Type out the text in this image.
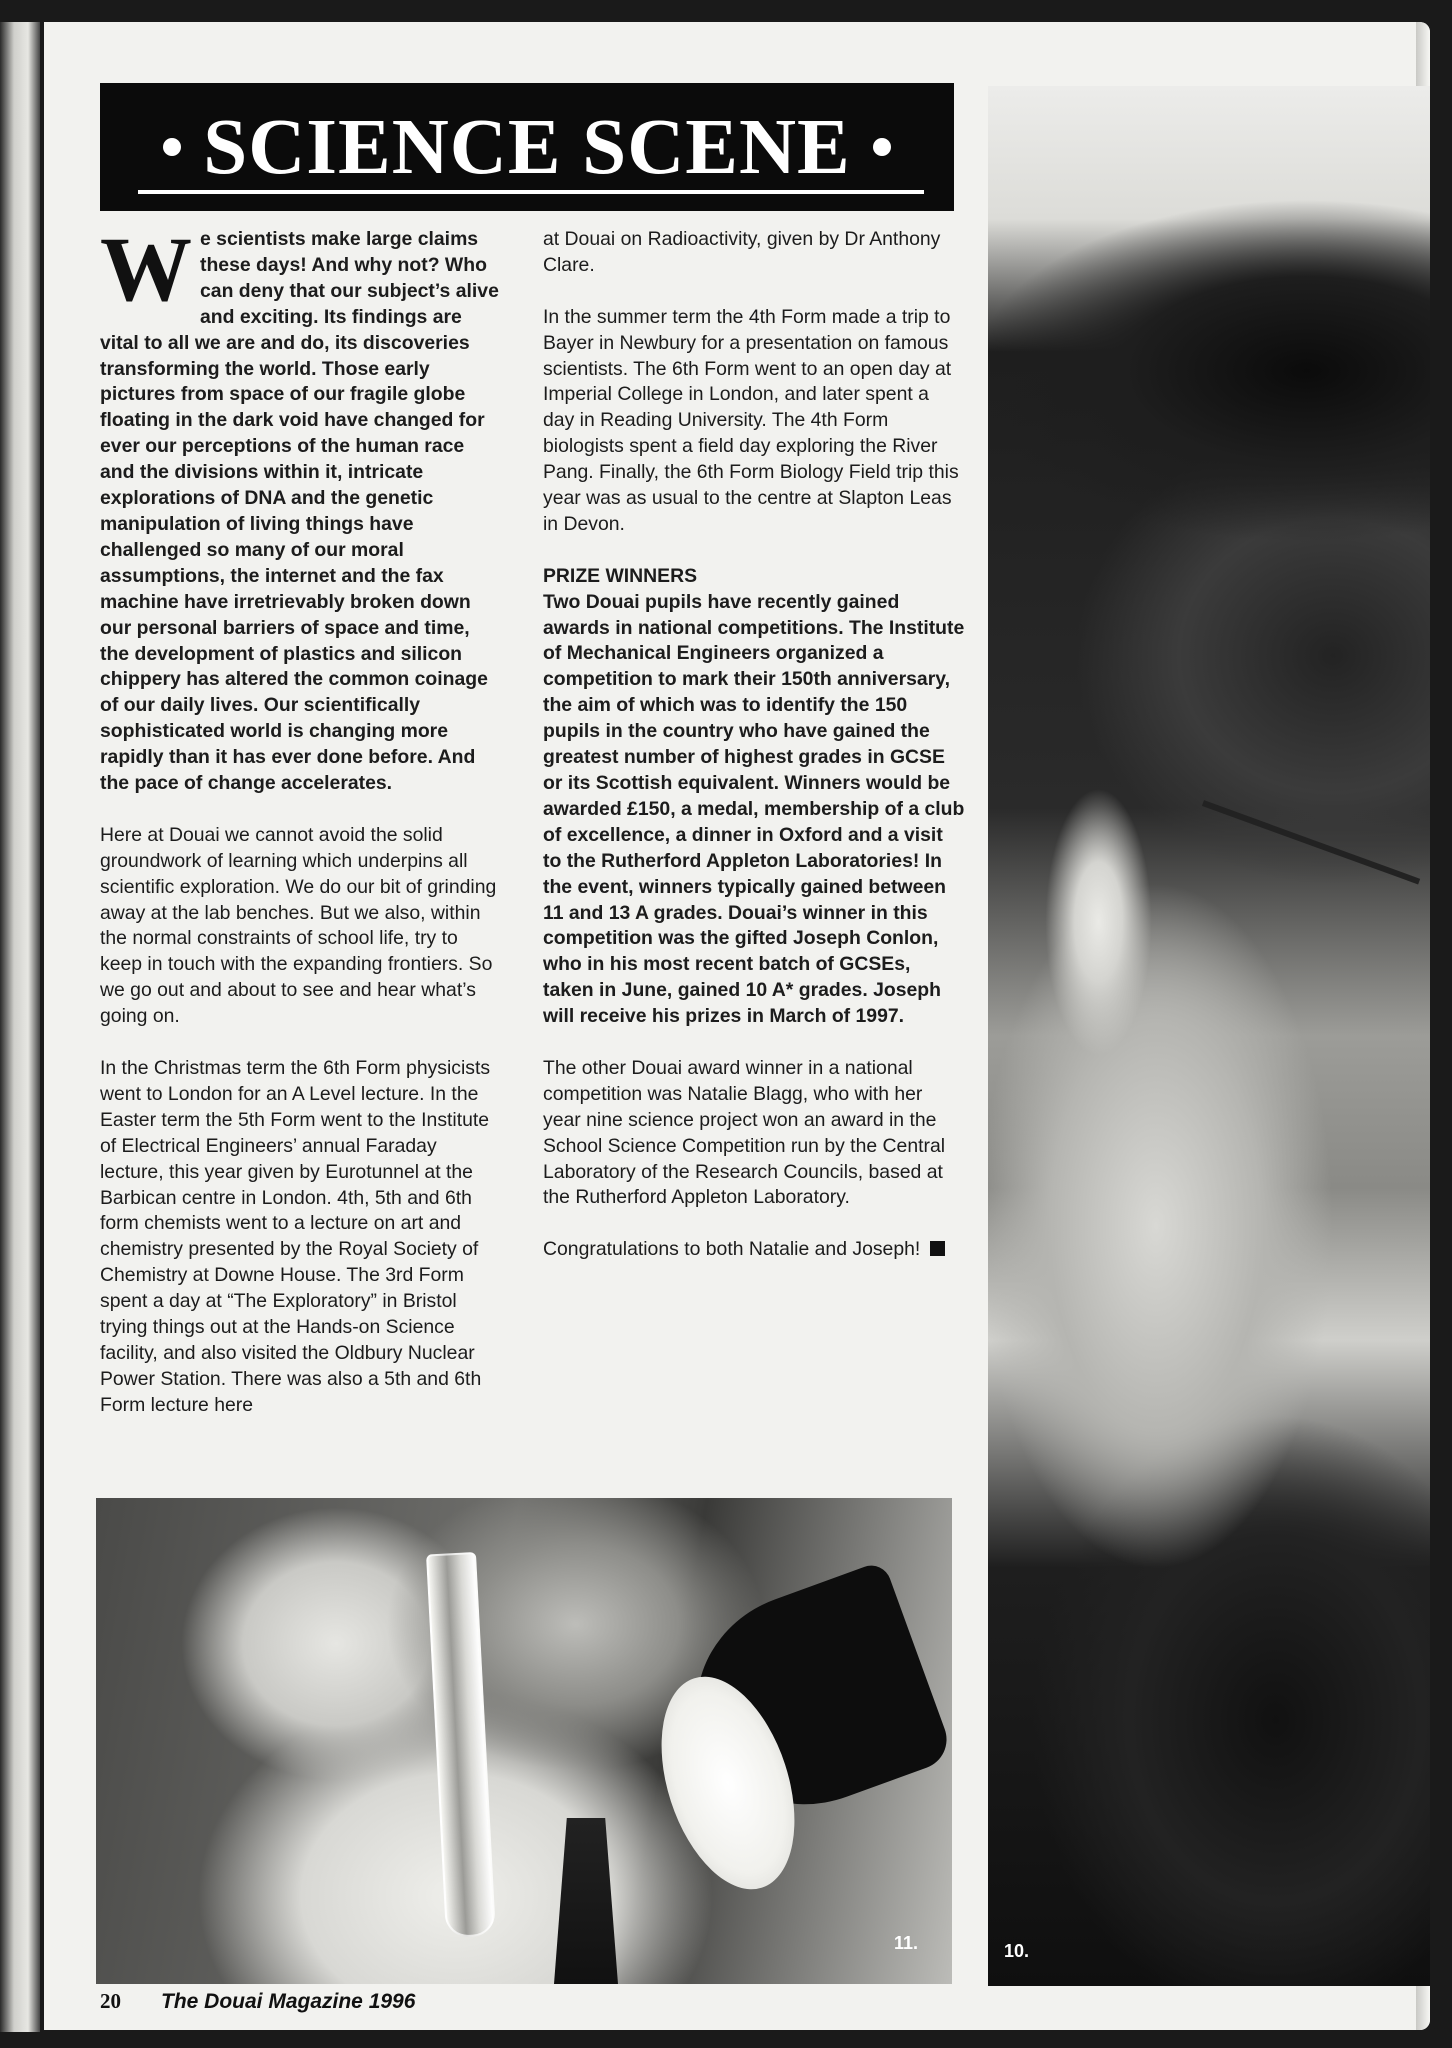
SCIENCE SCENE

We scientists make large claims these days! And why not? Who can deny that our subject’s alive and exciting. Its findings are vital to all we are and do, its discoveries transforming the world. Those early pictures from space of our fragile globe floating in the dark void have changed for ever our perceptions of the human race and the divisions within it, intricate explorations of DNA and the genetic manipulation of living things have challenged so many of our moral assumptions, the internet and the fax machine have irretrievably broken down our personal barriers of space and time, the development of plastics and silicon chippery has altered the common coinage of our daily lives. Our scientifically sophisticated world is changing more rapidly than it has ever done before. And the pace of change accelerates.

Here at Douai we cannot avoid the solid groundwork of learning which underpins all scientific exploration. We do our bit of grinding away at the lab benches. But we also, within the normal constraints of school life, try to keep in touch with the expanding frontiers. So we go out and about to see and hear what’s going on.

In the Christmas term the 6th Form physicists went to London for an A Level lecture. In the Easter term the 5th Form went to the Institute of Electrical Engineers’ annual Faraday lecture, this year given by Eurotunnel at the Barbican centre in London. 4th, 5th and 6th form chemists went to a lecture on art and chemistry presented by the Royal Society of Chemistry at Downe House. The 3rd Form spent a day at “The Exploratory” in Bristol trying things out at the Hands-on Science facility, and also visited the Oldbury Nuclear Power Station. There was also a 5th and 6th Form lecture here

at Douai on Radioactivity, given by Dr Anthony Clare.

In the summer term the 4th Form made a trip to Bayer in Newbury for a presentation on famous scientists. The 6th Form went to an open day at Imperial College in London, and later spent a day in Reading University. The 4th Form biologists spent a field day exploring the River Pang. Finally, the 6th Form Biology Field trip this year was as usual to the centre at Slapton Leas in Devon.

PRIZE WINNERS

Two Douai pupils have recently gained awards in national competitions. The Institute of Mechanical Engineers organized a competition to mark their 150th anniversary, the aim of which was to identify the 150 pupils in the country who have gained the greatest number of highest grades in GCSE or its Scottish equivalent. Winners would be awarded £150, a medal, membership of a club of excellence, a dinner in Oxford and a visit to the Rutherford Appleton Laboratories! In the event, winners typically gained between 11 and 13 A grades. Douai’s winner in this competition was the gifted Joseph Conlon, who in his most recent batch of GCSEs, taken in June, gained 10 A* grades. Joseph will receive his prizes in March of 1997.

The other Douai award winner in a national competition was Natalie Blagg, who with her year nine science project won an award in the School Science Competition run by the Central Laboratory of the Research Councils, based at the Rutherford Appleton Laboratory.

Congratulations to both Natalie and Joseph!

11.	10.
20 The Douai Magazine 1996
